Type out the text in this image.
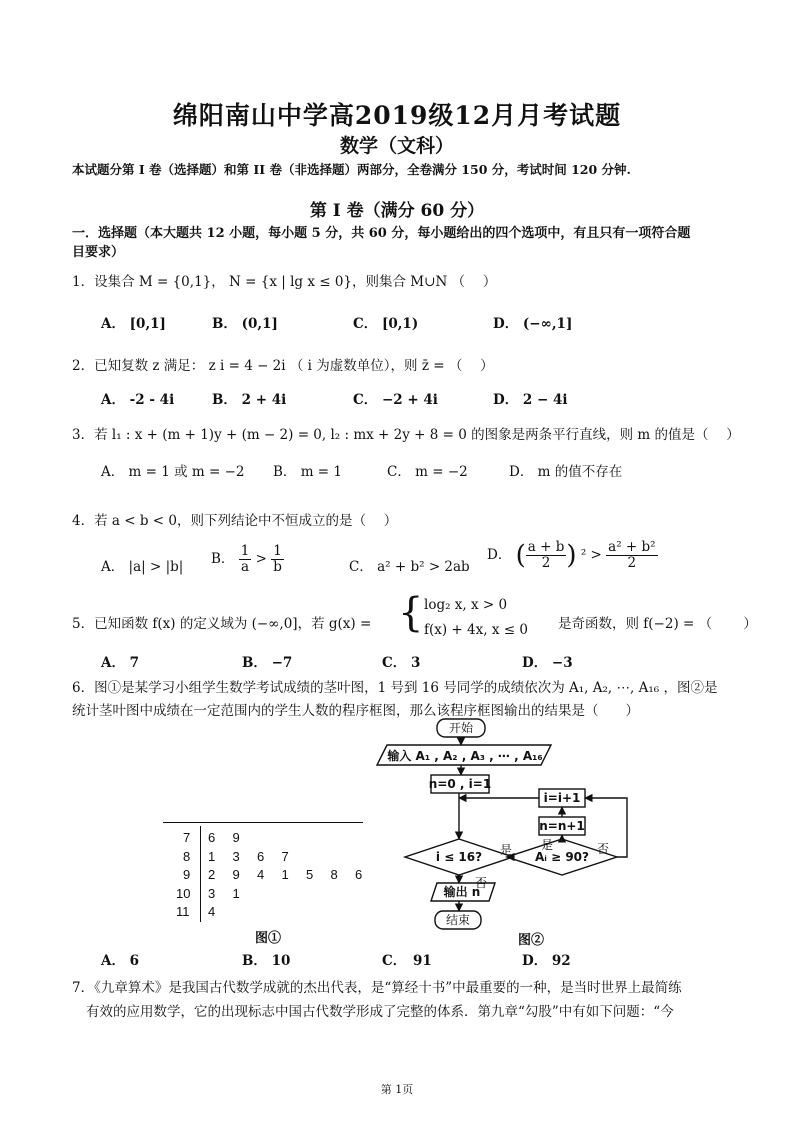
绵阳南山中学高2019级12月月考试题
数学（文科）
本试题分第 I 卷（选择题）和第 II 卷（非选择题）两部分，全卷满分 150 分，考试时间 120 分钟.
第 I 卷（满分 60 分）
一．选择题（本大题共 12 小题，每小题 5 分，共 60 分，每小题给出的四个选项中，有且只有一项符合题
目要求）
1．设集合 M = {0,1}， N = {x | lg x ≤ 0}，则集合 M∪N （　 ）
A． [0,1]	B． (0,1]	C． [0,1)	D． (−∞,1]
2．已知复数 z 满足： z i = 4 − 2i （ i 为虚数单位），则 z̄ = （　 ）
A． -2 - 4i	B． 2 + 4i	C． −2 + 4i	D． 2 − 4i
3．若 l₁ : x + (m + 1)y + (m − 2) = 0, l₂ : mx + 2y + 8 = 0 的图象是两条平行直线，则 m 的值是（　 ）
A． m = 1 或 m = −2 B． m = 1	C． m = −2	D． m 的值不存在
4．若 a < b < 0，则下列结论中不恒成立的是（　 ）
A． |a| > |b|
B． $\frac{1}{a} > \frac{1}{b}$	C． a² + b² > 2ab
D． ( $\frac{a + b}{2}$ ) $^2 > \frac{\text{a² + b²}}{2}$
5．已知函数 f(x) 的定义域为 (−∞,0]，若 g(x) = { log₂ x, x > 0
f(x) + 4x, x ≤ 0 是奇函数，则 f(−2) = （　　 ）
A． 7	B． −7	C． 3	D． −3
6．图①是某学习小组学生数学考试成绩的茎叶图，1 号到 16 号同学的成绩依次为 A₁, A₂, ⋯, A₁₆ ，图②是
统计茎叶图中成绩在一定范围内的学生人数的程序框图，那么该程序框图输出的结果是（　　）
7 6 9
8 1 3 6 7
9 2 9 4 1 5 8 6
10 3 1
11 4
图①
开始
输入 A₁ , A₂ , A₃ , ⋯ , A₁₆
n=0 , i=1
i=i+1
n=n+1
i ≤ 16?	Aᵢ ≥ 90?
是 是
否
否
输出 n
结束
图②
A． 6	B． 10	C．　91	D． 92
7．《九章算术》是我国古代数学成就的杰出代表，是“算经十书”中最重要的一种，是当时世界上最简练
有效的应用数学，它的出现标志中国古代数学形成了完整的体系．第九章“勾股”中有如下问题：“今
第 1页
